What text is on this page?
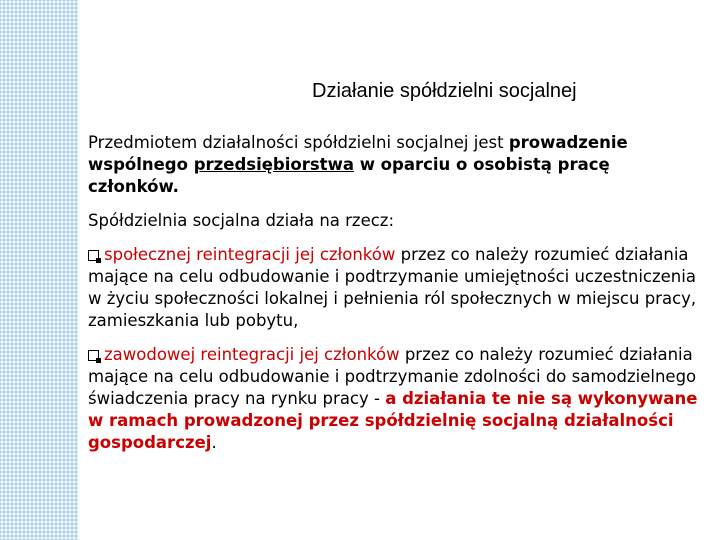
Działanie spółdzielni socjalnej

Przedmiotem działalności spółdzielni socjalnej jest prowadzenie wspólnego przedsiębiorstwa w oparciu o osobistą pracę członków.

Spółdzielnia socjalna działa na rzecz:

społecznej reintegracji jej członków przez co należy rozumieć działania mające na celu odbudowanie i podtrzymanie umiejętności uczestniczenia w życiu społeczności lokalnej i pełnienia ról społecznych w miejscu pracy, zamieszkania lub pobytu,

zawodowej reintegracji jej członków przez co należy rozumieć działania mające na celu odbudowanie i podtrzymanie zdolności do samodzielnego świadczenia pracy na rynku pracy - a działania te nie są wykonywane w ramach prowadzonej przez spółdzielnię socjalną działalności gospodarczej.
